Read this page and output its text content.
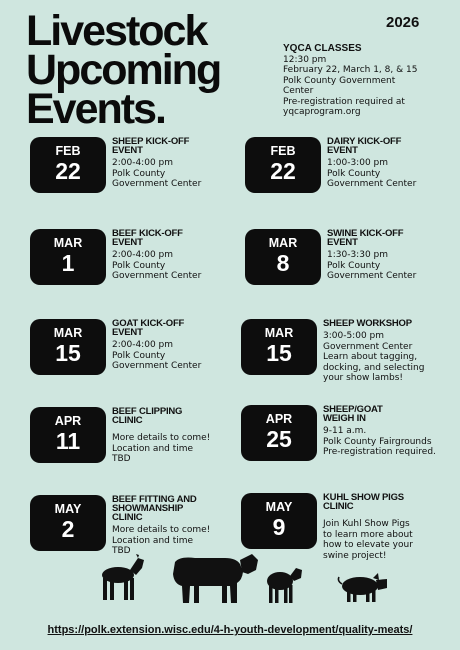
Livestock
Upcoming
Events.
2026
YQCA CLASSES
12:30 pm
February 22, March 1, 8, & 15
Polk County Government
Center
Pre-registration required at
yqcaprogram.org
FEB
22
SHEEP KICK-OFF
EVENT
2:00-4:00 pm
Polk County
Government Center
FEB
22
DAIRY KICK-OFF
EVENT
1:00-3:00 pm
Polk County
Government Center
MAR
1
BEEF KICK-OFF
EVENT
2:00-4:00 pm
Polk County
Government Center
MAR
8
SWINE KICK-OFF
EVENT
1:30-3:30 pm
Polk County
Government Center
MAR
15
GOAT KICK-OFF
EVENT
2:00-4:00 pm
Polk County
Government Center
MAR
15
SHEEP WORKSHOP
3:00-5:00 pm
Government Center
Learn about tagging,
docking, and selecting
your show lambs!
APR
11
BEEF CLIPPING
CLINIC
More details to come!
Location and time
TBD
APR
25
SHEEP/GOAT
WEIGH IN
9-11 a.m.
Polk County Fairgrounds
Pre-registration required.
MAY
2
BEEF FITTING AND
SHOWMANSHIP
CLINIC
More details to come!
Location and time
TBD
MAY
9
KUHL SHOW PIGS
CLINIC
Join Kuhl Show Pigs
to learn more about
how to elevate your
swine project!
https://polk.extension.wisc.edu/4-h-youth-development/quality-meats/
